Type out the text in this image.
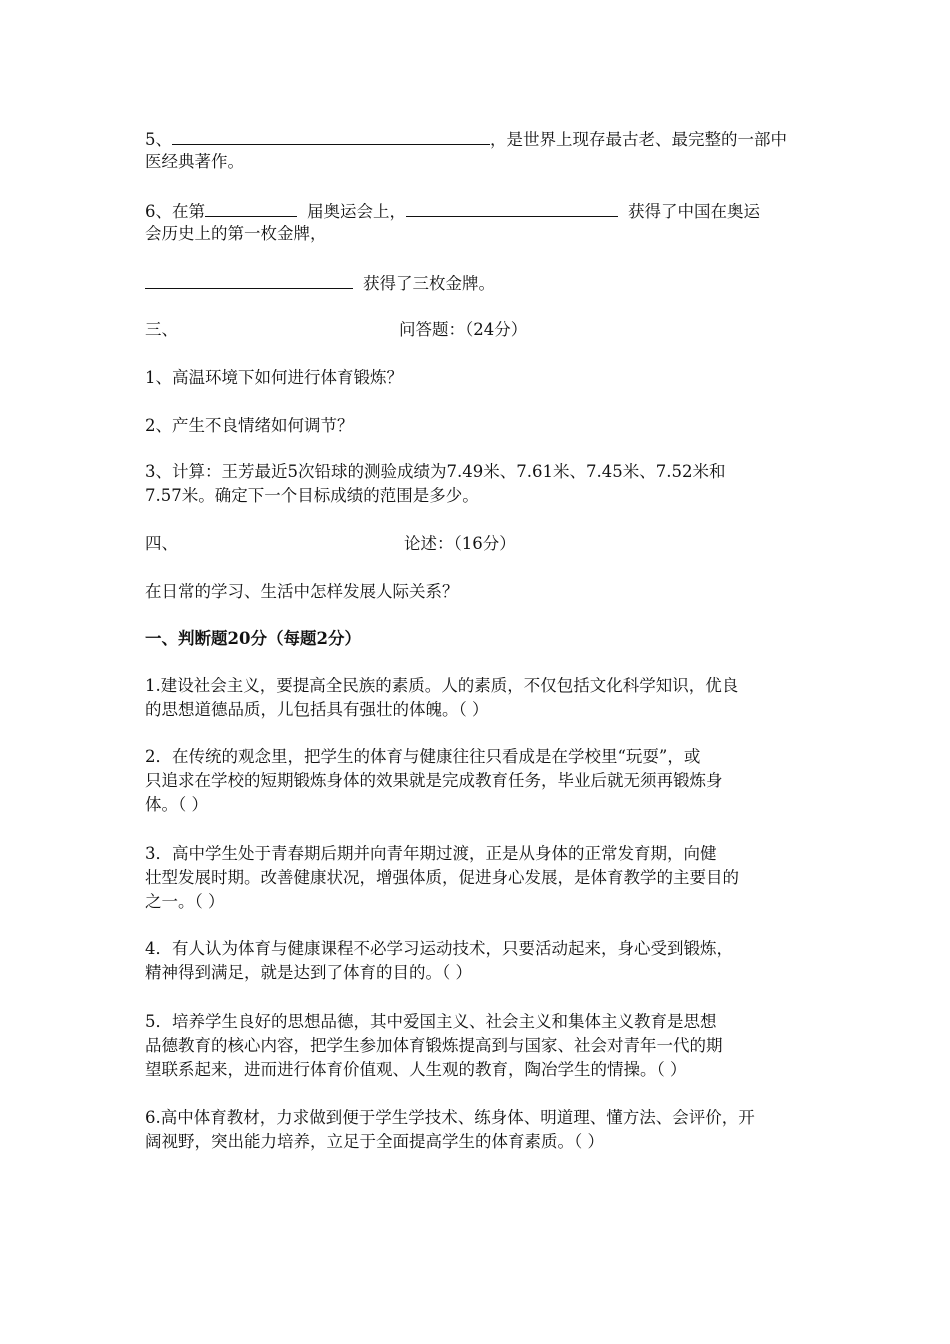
5、	，是世界上现存最古老、最完整的一部中
医经典著作。
6、在第	届奥运会上，	获得了中国在奥运
会历史上的第一枚金牌，
获得了三枚金牌。
三、	问答题：（24分）
1、高温环境下如何进行体育锻炼？
2、产生不良情绪如何调节？
3、计算：王芳最近5次铅球的测验成绩为7.49米、7.61米、7.45米、7.52米和
7.57米。确定下一个目标成绩的范围是多少。
四、	论述：（16分）
在日常的学习、生活中怎样发展人际关系？
一、判断题20分（每题2分）
1.建设社会主义，要提高全民族的素质。人的素质，不仅包括文化科学知识，优良
的思想道德品质，儿包括具有强壮的体魄。（ ）
2．在传统的观念里，把学生的体育与健康往往只看成是在学校里“玩耍”，或
只追求在学校的短期锻炼身体的效果就是完成教育任务，毕业后就无须再锻炼身
体。（ ）
3．高中学生处于青春期后期并向青年期过渡，正是从身体的正常发育期，向健
壮型发展时期。改善健康状况，增强体质，促进身心发展，是体育教学的主要目的
之一。（ ）
4．有人认为体育与健康课程不必学习运动技术，只要活动起来，身心受到锻炼，
精神得到满足，就是达到了体育的目的。（ ）
5．培养学生良好的思想品德，其中爱国主义、社会主义和集体主义教育是思想
品德教育的核心内容，把学生参加体育锻炼提高到与国家、社会对青年一代的期
望联系起来，进而进行体育价值观、人生观的教育，陶冶学生的情操。（ ）
6.高中体育教材，力求做到便于学生学技术、练身体、明道理、懂方法、会评价，开
阔视野，突出能力培养，立足于全面提高学生的体育素质。（ ）
